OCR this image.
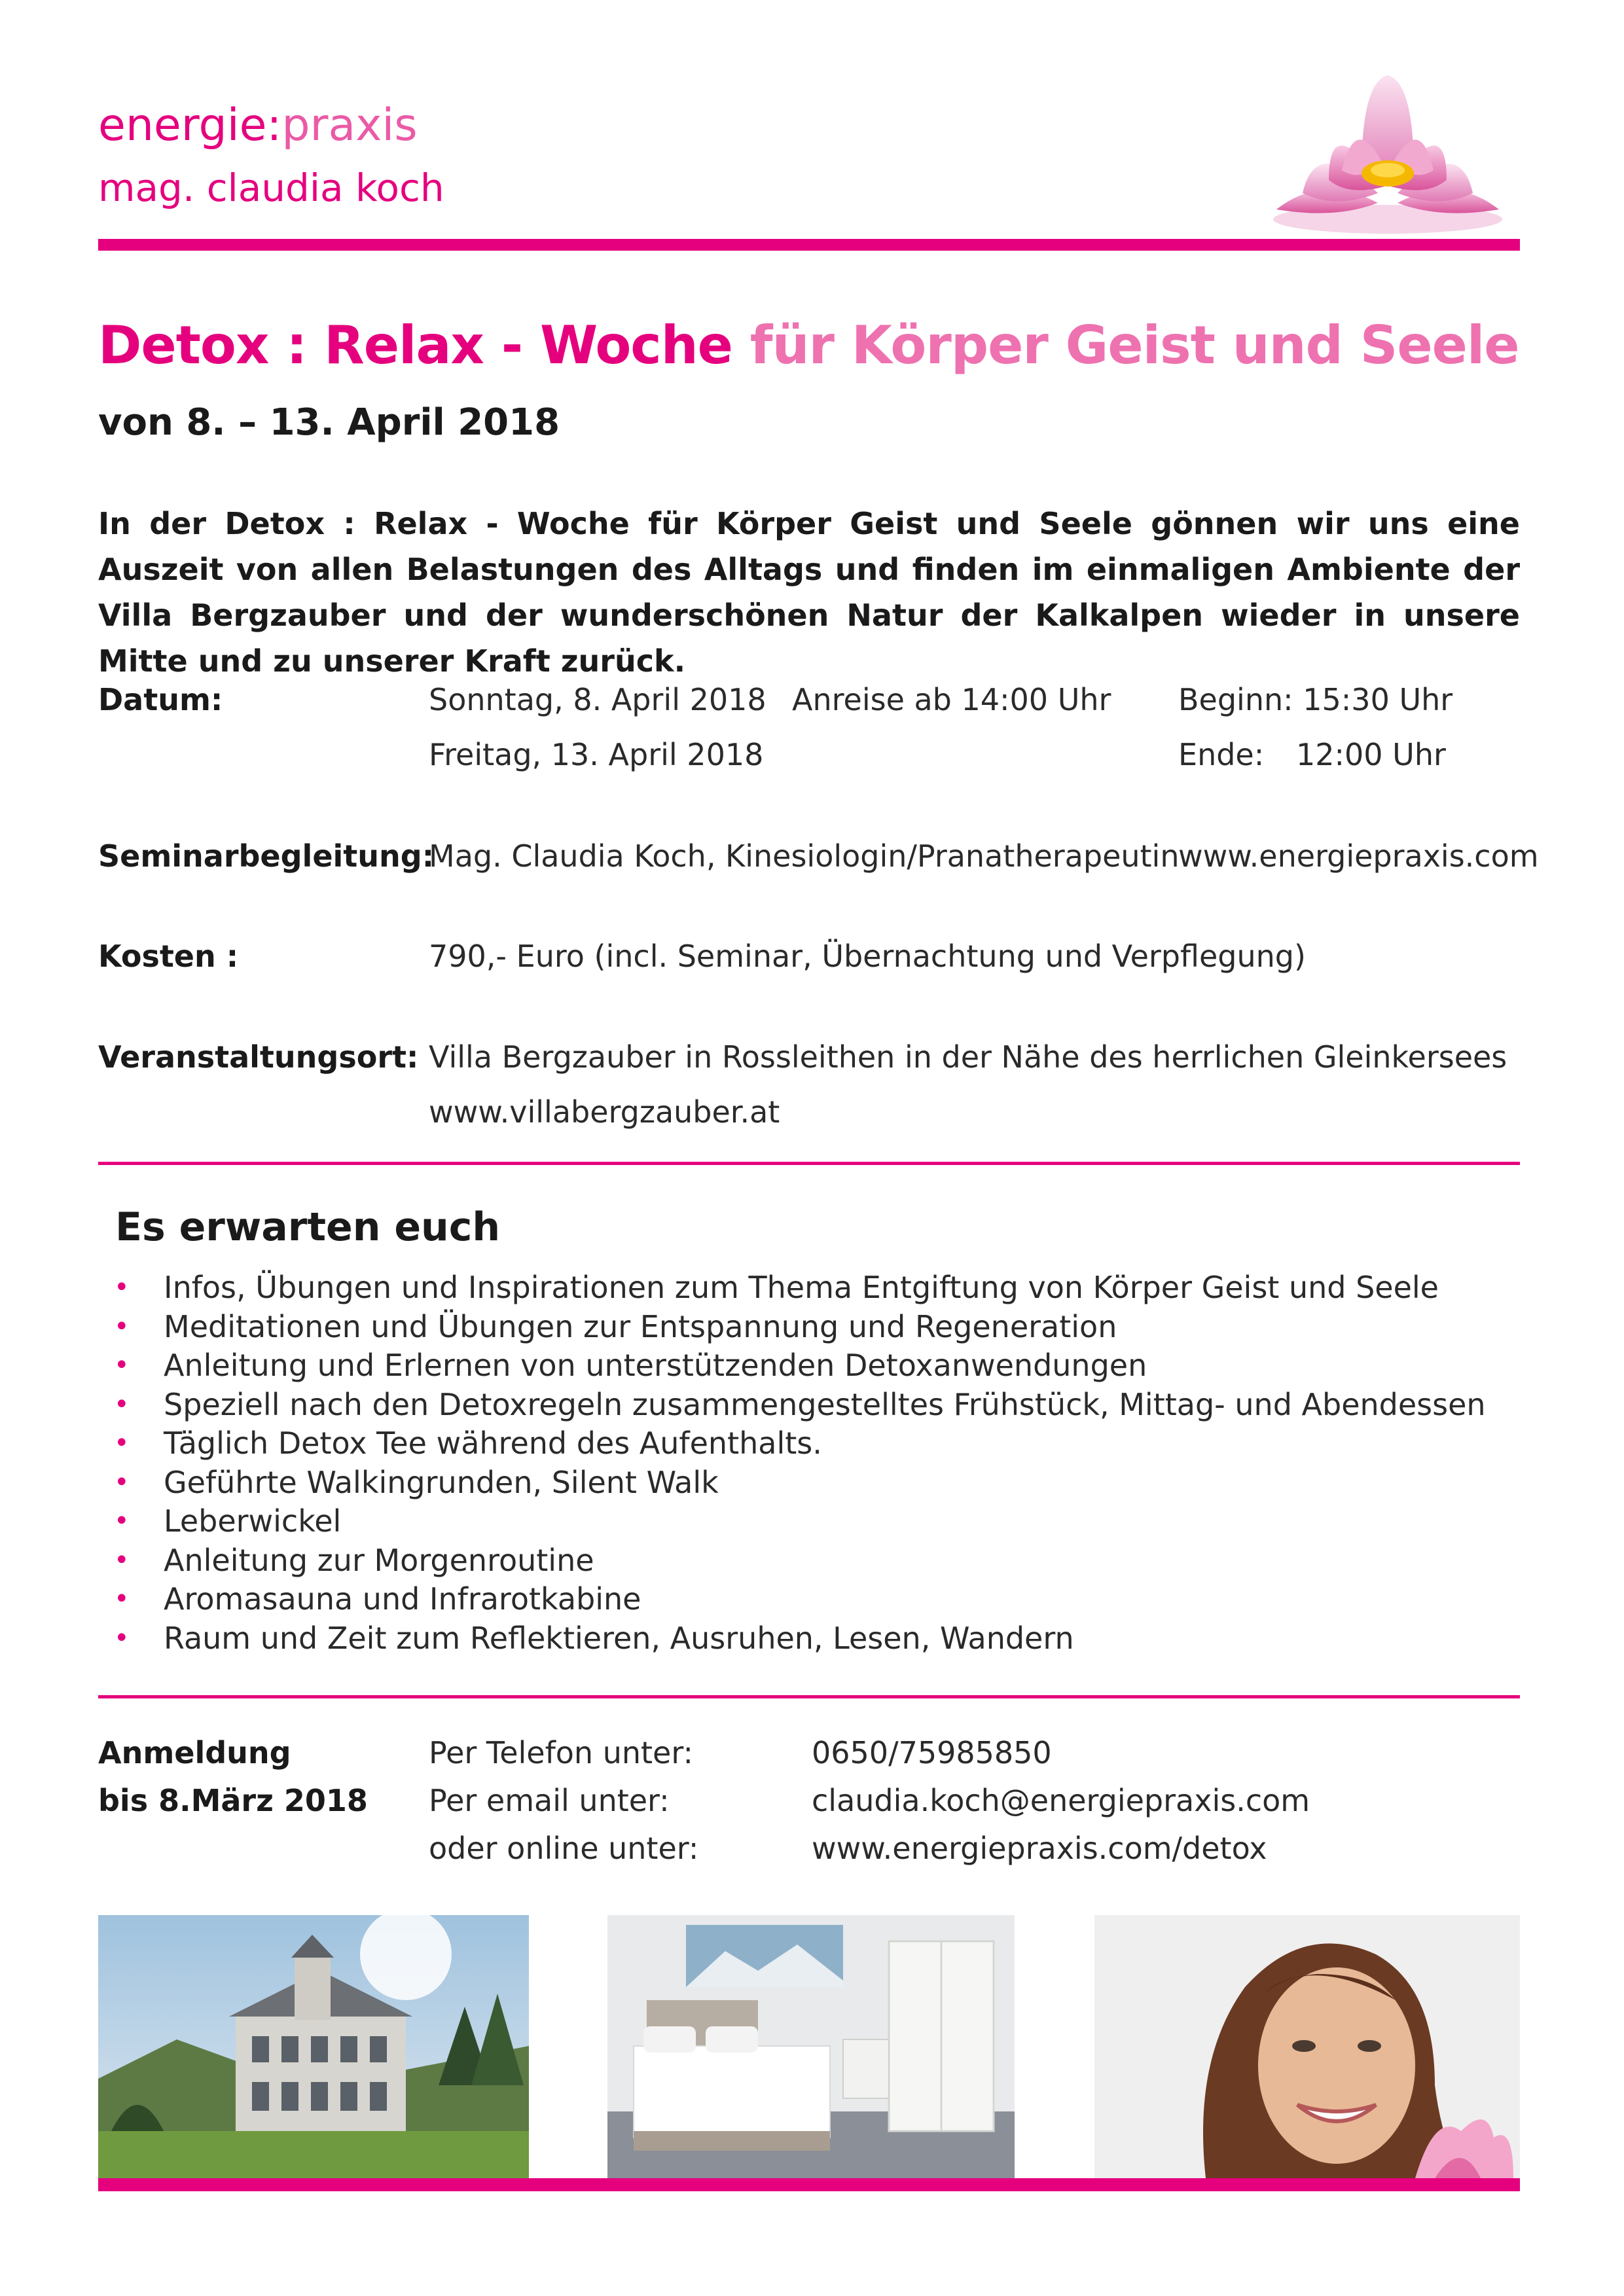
energie:praxis
mag. claudia koch
Detox : Relax - Woche für Körper Geist und Seele
von 8. – 13. April 2018
In der Detox : Relax - Woche für Körper Geist und Seele gönnen wir uns eine Auszeit von allen Belastungen des Alltags und finden im einmaligen Ambiente der Villa Bergzauber und der wunderschönen Natur der Kalkalpen wieder in unsere Mitte und zu unserer Kraft zurück.
Datum:	Sonntag, 8. April 2018 Anreise ab 14:00 Uhr Beginn: 15:30 Uhr
Freitag, 13. April 2018	Ende: 12:00 Uhr
Seminarbegleitung:
Mag. Claudia Koch, Kinesiologin/Pranatherapeutin
www.energiepraxis.com
Kosten :	790,- Euro (incl. Seminar, Übernachtung und Verpflegung)
Veranstaltungsort: Villa Bergzauber in Rossleithen in der Nähe des herrlichen Gleinkersees
www.villabergzauber.at
Es erwarten euch
• Infos, Übungen und Inspirationen zum Thema Entgiftung von Körper Geist und Seele
• Meditationen und Übungen zur Entspannung und Regeneration
• Anleitung und Erlernen von unterstützenden Detoxanwendungen
• Speziell nach den Detoxregeln zusammengestelltes Frühstück, Mittag- und Abendessen
• Täglich Detox Tee während des Aufenthalts.
• Geführte Walkingrunden, Silent Walk
• Leberwickel
• Anleitung zur Morgenroutine
• Aromasauna und Infrarotkabine
• Raum und Zeit zum Reflektieren, Ausruhen, Lesen, Wandern
Anmeldung
bis 8.März 2018
Per Telefon unter:	0650/75985850
Per email unter:	claudia.koch@energiepraxis.com
oder online unter:	www.energiepraxis.com/detox
